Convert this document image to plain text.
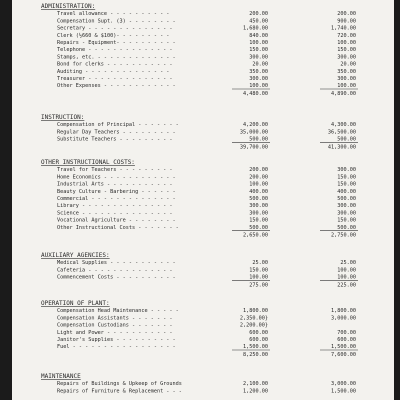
ADMINISTRATION:
Travel allowance - - - - - - - - - -	200.00	200.00
Compensation Supt. (3) - - - - - - - -	450.00	900.00
Secretary - - - - - - - - - - - - - -	1,680.00	1,740.00
Clerk (½660 & $100)- - - - - - - - -	840.00	720.00
Repairs - Equipment- - - - - - - - - -	100.00	100.00
Telephone - - - - - - - - - - - - - -	150.00	150.00
Stamps, etc. - - - - - - - - - - - - -	300.00	300.00
Bond for clerks - - - - - - - - - - -	20.00	20.00
Auditing - - - - - - - - - - - - - -	350.00	350.00
Treasurer - - - - - - - - - - - - - -	300.00	300.00
Other Expenses - - - - - - - - - - - -	100.00	100.00
4,480.00	4,890.00
INSTRUCTION:
Compensation of Principal - - - - - - -	4,200.00	4,300.00
Regular Day Teachers - - - - - - - - -	35,000.00	36,500.00
Substitute Teachers - - - - - - - - -	500.00	500.00
39,700.00	41,300.00
OTHER INSTRUCTIONAL COSTS:
Travel for Teachers - - - - - - - - -	200.00	300.00
Home Economics - - - - - - - - - - - -	200.00	150.00
Industrial Arts - - - - - - - - - - -	100.00	150.00
Beauty Culture - Barbering - - - - - -	400.00	400.00
Commercial - - - - - - - - - - - - - -	500.00	500.00
Library - - - - - - - - - - - - - - -	300.00	300.00
Science - - - - - - - - - - - - - - -	300.00	300.00
Vocational Agriculture - - - - - - - -	150.00	150.00
Other Instructional Costs - - - - - - -	500.00	500.00
2,650.00	2,750.00
AUXILIARY AGENCIES:
Medical Supplies - - - - - - - - - - -	25.00	25.00
Cafeteria - - - - - - - - - - - - - -	150.00	100.00
Commencement Costs - - - - - - - - - -	100.00	100.00
275.00	225.00
OPERATION OF PLANT:
Compensation Head Maintenance - - - - -	1,800.00	1,800.00
Compensation Assistants - - - - - - -	2,350.00}	3,000.00
Compensation Custodians - - - - - - -	2,200.00}
Light and Power - - - - - - - - - - -	600.00	700.00
Janitor's Supplies - - - - - - - - - -	600.00	600.00
Fuel - - - - - - - - - - - - - - - - -	1,500.00	1,500.00
8,250.00	7,600.00
MAINTENANCE
Repairs of Buildings & Upkeep of Grounds	2,100.00	3,000.00
Repairs of Furniture & Replacement - - -	1,200.00	1,500.00
